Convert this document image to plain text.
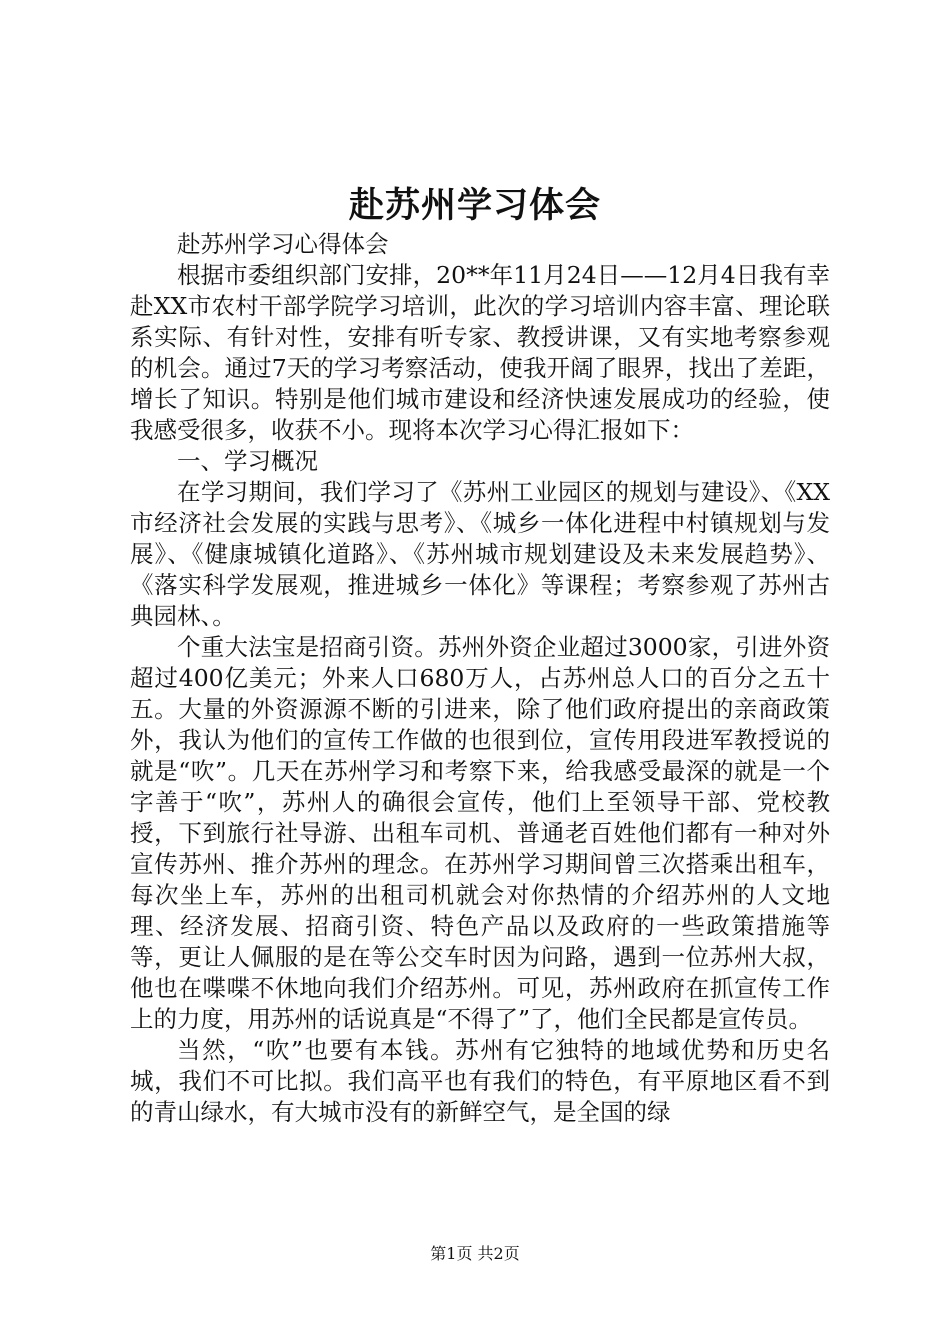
赴苏州学习体会

赴苏州学习心得体会

根据市委组织部门安排，20**年11月24日——12月4日我有幸赴XX市农村干部学院学习培训，此次的学习培训内容丰富、理论联系实际、有针对性，安排有听专家、教授讲课，又有实地考察参观的机会。通过7天的学习考察活动，使我开阔了眼界，找出了差距，增长了知识。特别是他们城市建设和经济快速发展成功的经验，使我感受很多，收获不小。现将本次学习心得汇报如下：

一、学习概况

在学习期间，我们学习了《苏州工业园区的规划与建设》、《XX市经济社会发展的实践与思考》、《城乡一体化进程中村镇规划与发展》、《健康城镇化道路》、《苏州城市规划建设及未来发展趋势》、《落实科学发展观，推进城乡一体化》等课程；考察参观了苏州古典园林、。

个重大法宝是招商引资。苏州外资企业超过3000家，引进外资超过400亿美元；外来人口680万人，占苏州总人口的百分之五十五。大量的外资源源不断的引进来，除了他们政府提出的亲商政策外，我认为他们的宣传工作做的也很到位，宣传用段进军教授说的就是“吹”。几天在苏州学习和考察下来，给我感受最深的就是一个字善于“吹”，苏州人的确很会宣传，他们上至领导干部、党校教授，下到旅行社导游、出租车司机、普通老百姓他们都有一种对外宣传苏州、推介苏州的理念。在苏州学习期间曾三次搭乘出租车，每次坐上车，苏州的出租司机就会对你热情的介绍苏州的人文地理、经济发展、招商引资、特色产品以及政府的一些政策措施等等，更让人佩服的是在等公交车时因为问路，遇到一位苏州大叔，他也在喋喋不休地向我们介绍苏州。可见，苏州政府在抓宣传工作上的力度，用苏州的话说真是“不得了”了，他们全民都是宣传员。

当然，“吹”也要有本钱。苏州有它独特的地域优势和历史名城，我们不可比拟。我们高平也有我们的特色，有平原地区看不到的青山绿水，有大城市没有的新鲜空气，是全国的绿

第1页 共2页
